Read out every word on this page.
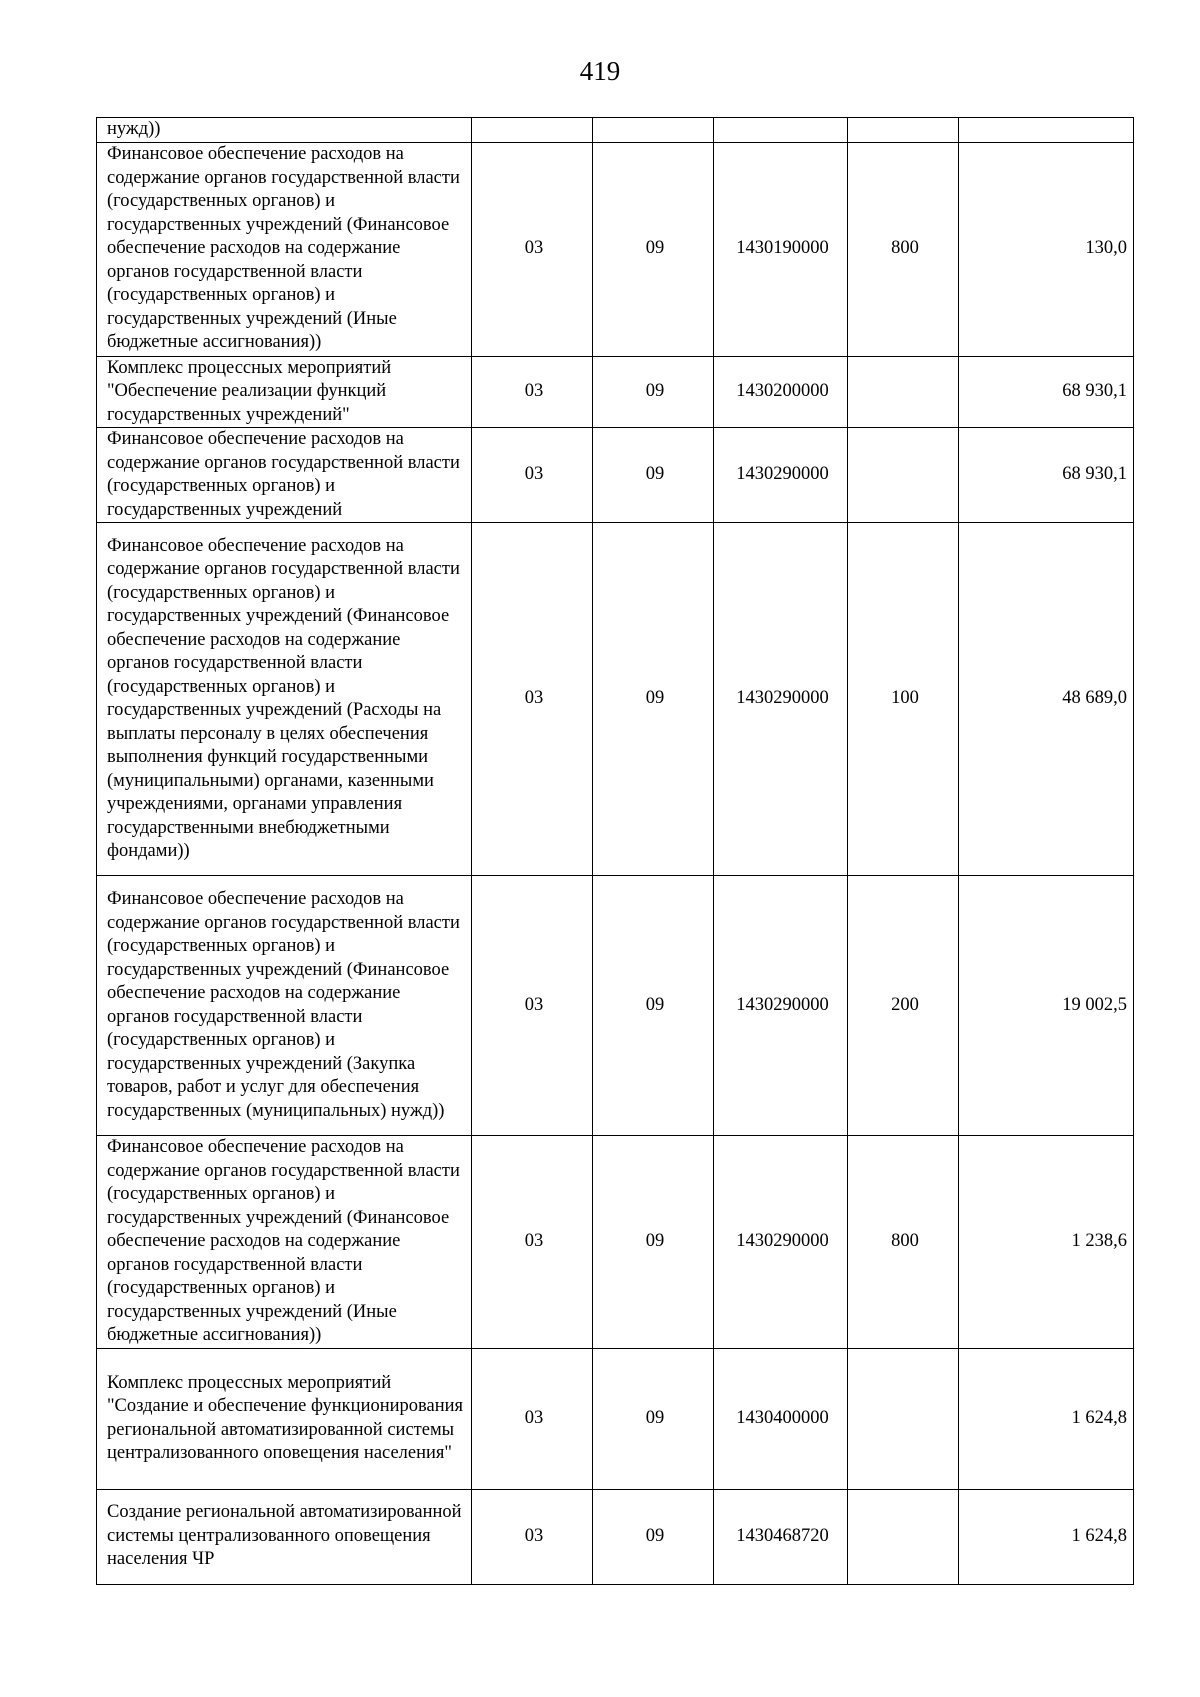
419
нужд))					
Финансовое обеспечение расходов на содержание органов государственной власти (государственных органов) и государственных учреждений (Финансовое обеспечение расходов на содержание органов государственной власти (государственных органов) и государственных учреждений (Иные бюджетные ассигнования))	03	09	1430190000	800	130,0
Комплекс процессных мероприятий "Обеспечение реализации функций государственных учреждений"	03	09	1430200000		68 930,1
Финансовое обеспечение расходов на содержание органов государственной власти (государственных органов) и государственных учреждений	03	09	1430290000		68 930,1
Финансовое обеспечение расходов на содержание органов государственной власти (государственных органов) и государственных учреждений (Финансовое обеспечение расходов на содержание органов государственной власти (государственных органов) и государственных учреждений (Расходы на выплаты персоналу в целях обеспечения выполнения функций государственными (муниципальными) органами, казенными учреждениями, органами управления государственными внебюджетными фондами))	03	09	1430290000	100	48 689,0
Финансовое обеспечение расходов на содержание органов государственной власти (государственных органов) и государственных учреждений (Финансовое обеспечение расходов на содержание органов государственной власти (государственных органов) и государственных учреждений (Закупка товаров, работ и услуг для обеспечения государственных (муниципальных) нужд))	03	09	1430290000	200	19 002,5
Финансовое обеспечение расходов на содержание органов государственной власти (государственных органов) и государственных учреждений (Финансовое обеспечение расходов на содержание органов государственной власти (государственных органов) и государственных учреждений (Иные бюджетные ассигнования))	03	09	1430290000	800	1 238,6
Комплекс процессных мероприятий "Создание и обеспечение функционирования региональной автоматизированной системы централизованного оповещения населения"	03	09	1430400000		1 624,8
Создание региональной автоматизированной системы централизованного оповещения населения ЧР	03	09	1430468720		1 624,8
